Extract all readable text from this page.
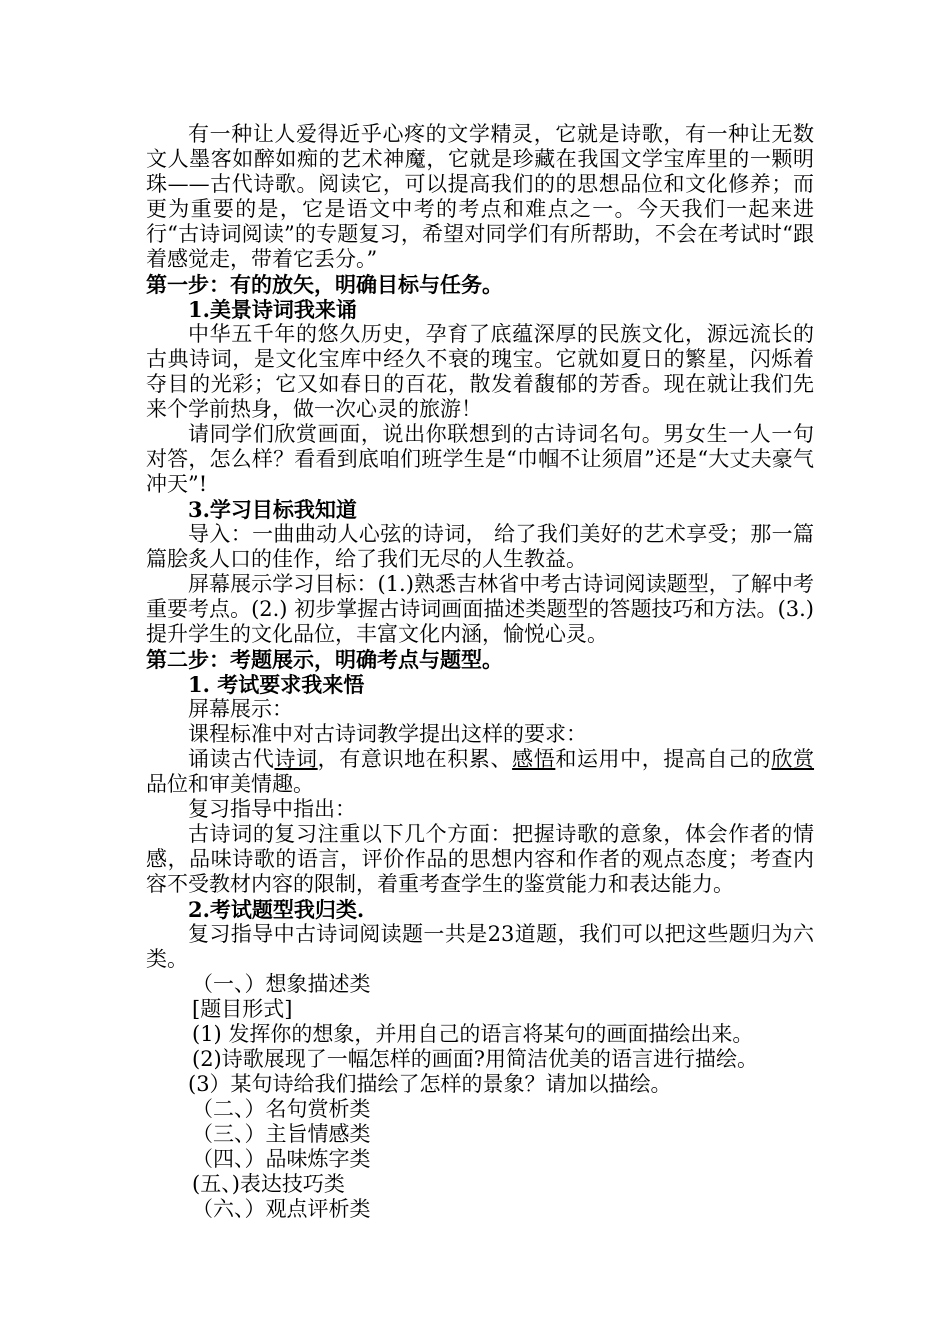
有一种让人爱得近乎心疼的文学精灵，它就是诗歌，有一种让无数文人墨客如醉如痴的艺术神魔，它就是珍藏在我国文学宝库里的一颗明珠——古代诗歌。阅读它，可以提高我们的的思想品位和文化修养；而更为重要的是，它是语文中考的考点和难点之一。今天我们一起来进行“古诗词阅读”的专题复习，希望对同学们有所帮助，不会在考试时“跟着感觉走，带着它丢分。”

第一步：有的放矢，明确目标与任务。

1.美景诗词我来诵

中华五千年的悠久历史，孕育了底蕴深厚的民族文化，源远流长的古典诗词，是文化宝库中经久不衰的瑰宝。它就如夏日的繁星，闪烁着夺目的光彩；它又如春日的百花，散发着馥郁的芳香。现在就让我们先来个学前热身，做一次心灵的旅游！

请同学们欣赏画面，说出你联想到的古诗词名句。男女生一人一句对答，怎么样？看看到底咱们班学生是“巾帼不让须眉”还是“大丈夫豪气冲天”!

3.学习目标我知道

导入：一曲曲动人心弦的诗词， 给了我们美好的艺术享受；那一篇篇脍炙人口的佳作，给了我们无尽的人生教益。

屏幕展示学习目标：(1.)熟悉吉林省中考古诗词阅读题型，了解中考重要考点。(2.) 初步掌握古诗词画面描述类题型的答题技巧和方法。(3.) 提升学生的文化品位，丰富文化内涵，愉悦心灵。

第二步：考题展示，明确考点与题型。

1. 考试要求我来悟

屏幕展示：

课程标准中对古诗词教学提出这样的要求：

诵读古代诗词，有意识地在积累、感悟和运用中，提高自己的欣赏品位和审美情趣。

复习指导中指出：

古诗词的复习注重以下几个方面：把握诗歌的意象，体会作者的情感，品味诗歌的语言，评价作品的思想内容和作者的观点态度；考查内容不受教材内容的限制，着重考查学生的鉴赏能力和表达能力。

2.考试题型我归类.

复习指导中古诗词阅读题一共是23道题，我们可以把这些题归为六类。

（一、）想象描述类

[题目形式]

(1) 发挥你的想象，并用自己的语言将某句的画面描绘出来。

(2)诗歌展现了一幅怎样的画面?用简洁优美的语言进行描绘。

(3）某句诗给我们描绘了怎样的景象？请加以描绘。

（二、）名句赏析类

（三、）主旨情感类

（四、）品味炼字类

(五、)表达技巧类

（六、）观点评析类
